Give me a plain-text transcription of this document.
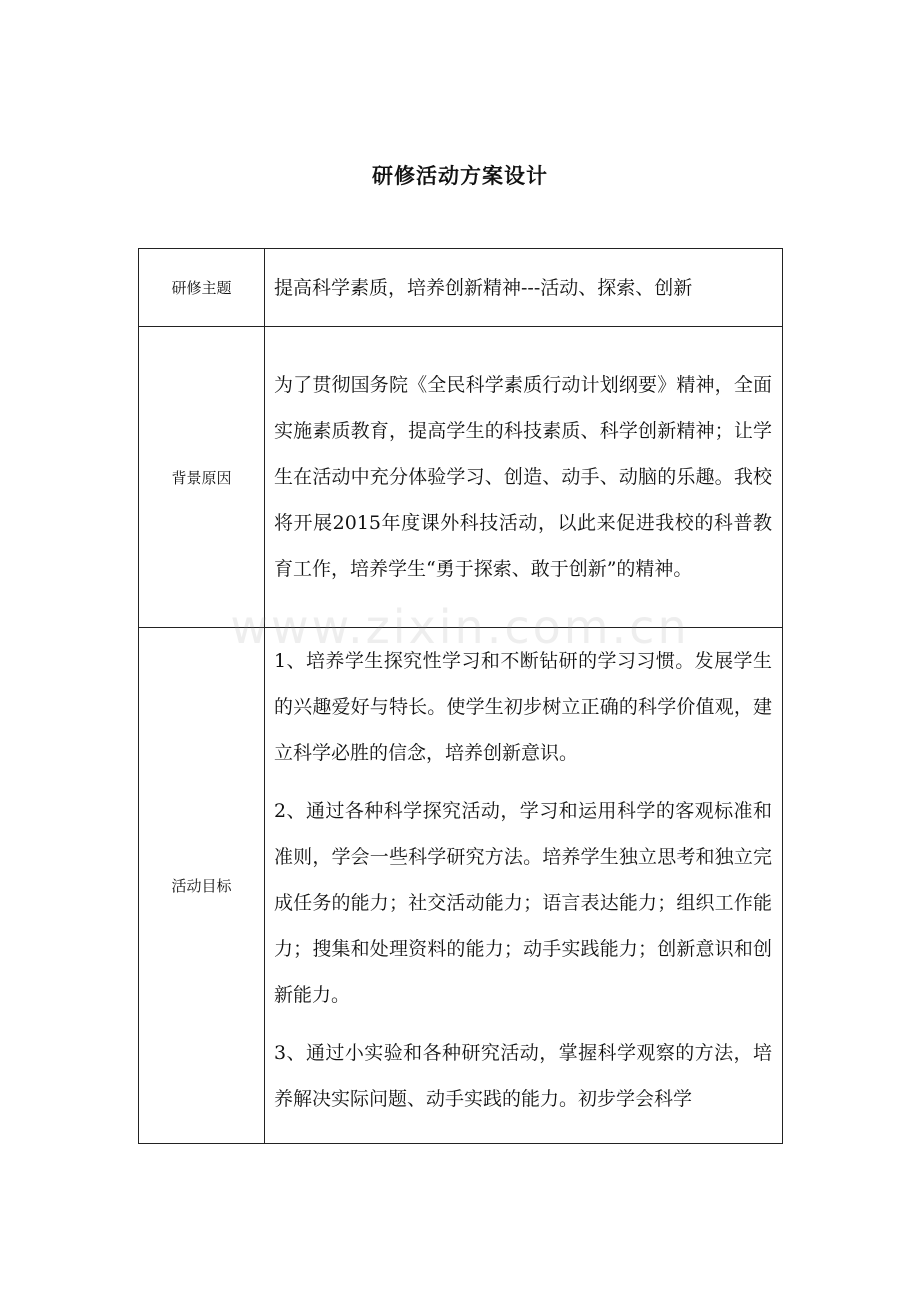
研修活动方案设计
研修主题	提高科学素质，培养创新精神---活动、探索、创新
背景原因	为了贯彻国务院《全民科学素质行动计划纲要》精神，全面实施素质教育，提高学生的科技素质、科学创新精神；让学生在活动中充分体验学习、创造、动手、动脑的乐趣。我校将开展2015年度课外科技活动，以此来促进我校的科普教育工作，培养学生“勇于探索、敢于创新”的精神。
活动目标	1、培养学生探究性学习和不断钻研的学习习惯。发展学生的兴趣爱好与特长。使学生初步树立正确的科学价值观，建立科学必胜的信念，培养创新意识。

2、通过各种科学探究活动，学习和运用科学的客观标准和准则，学会一些科学研究方法。培养学生独立思考和独立完成任务的能力；社交活动能力；语言表达能力；组织工作能力；搜集和处理资料的能力；动手实践能力；创新意识和创新能力。

3、通过小实验和各种研究活动，掌握科学观察的方法，培养解决实际问题、动手实践的能力。初步学会科学

www.zixin.com.cn
